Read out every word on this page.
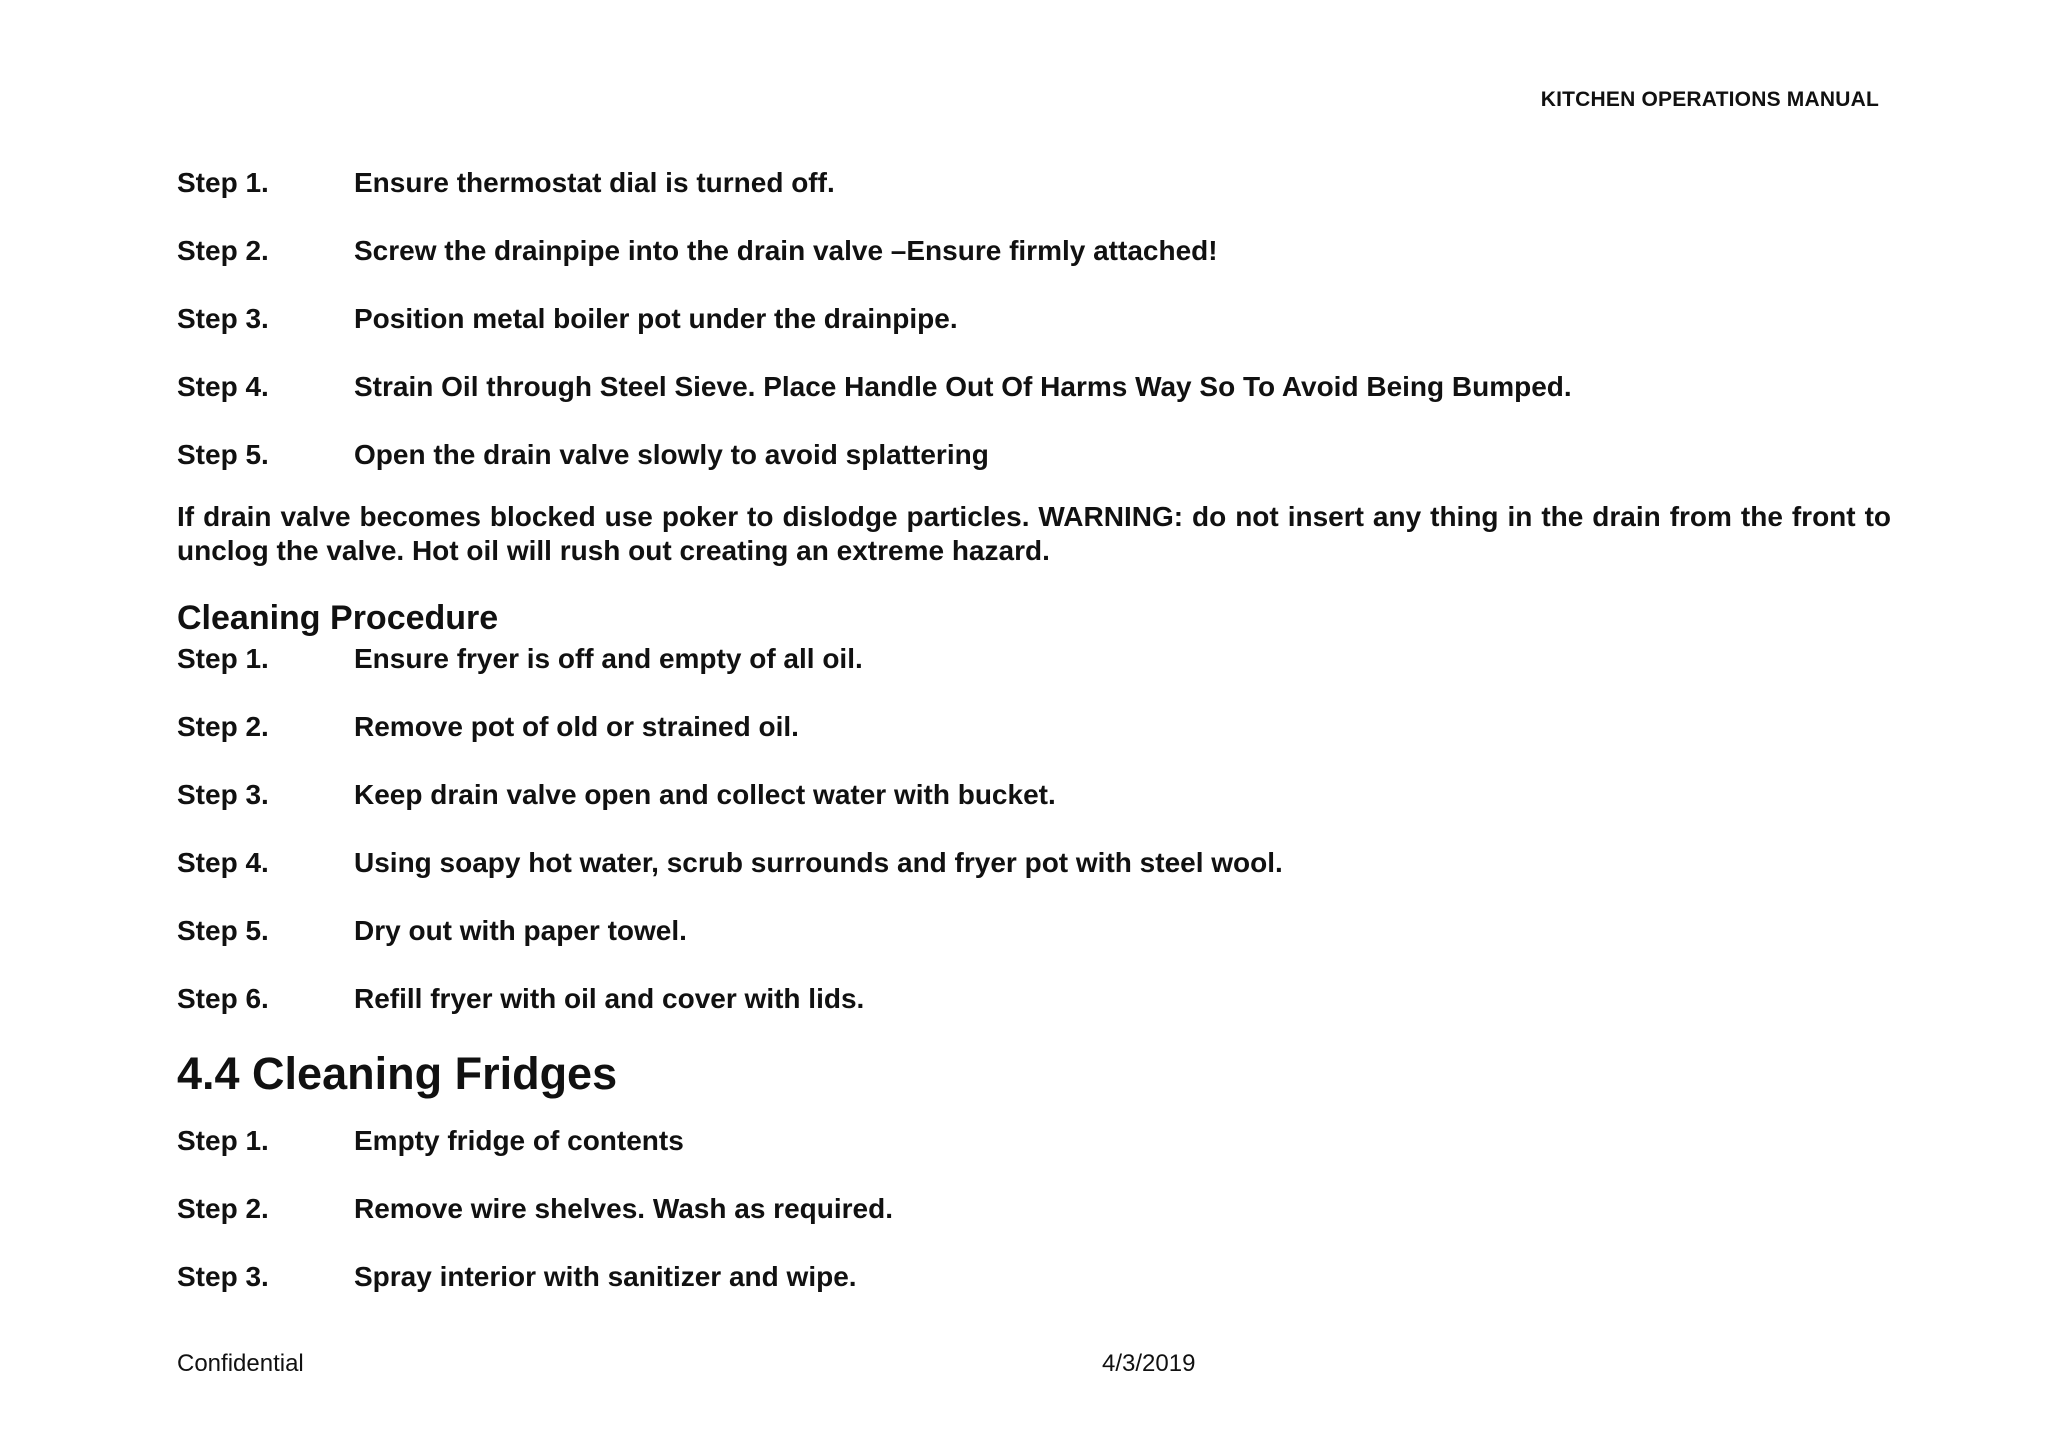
KITCHEN OPERATIONS MANUAL
Step 1.	Ensure thermostat dial is turned off.
Step 2.	Screw the drainpipe into the drain valve –Ensure firmly attached!
Step 3.	Position metal boiler pot under the drainpipe.
Step 4.	Strain Oil through Steel Sieve. Place Handle Out Of Harms Way So To Avoid Being Bumped.
Step 5.	Open the drain valve slowly to avoid splattering
If drain valve becomes blocked use poker to dislodge particles. WARNING: do not insert any thing in the drain from the front to unclog the valve. Hot oil will rush out creating an extreme hazard.
Cleaning Procedure
Step 1.	Ensure fryer is off and empty of all oil.
Step 2.	Remove pot of old or strained oil.
Step 3.	Keep drain valve open and collect water with bucket.
Step 4.	Using soapy hot water, scrub surrounds and fryer pot with steel wool.
Step 5.	Dry out with paper towel.
Step 6.	Refill fryer with oil and cover with lids.
4.4 Cleaning Fridges
Step 1.	Empty fridge of contents
Step 2.	Remove wire shelves. Wash as required.
Step 3.	Spray interior with sanitizer and wipe.
Confidential	4/3/2019
